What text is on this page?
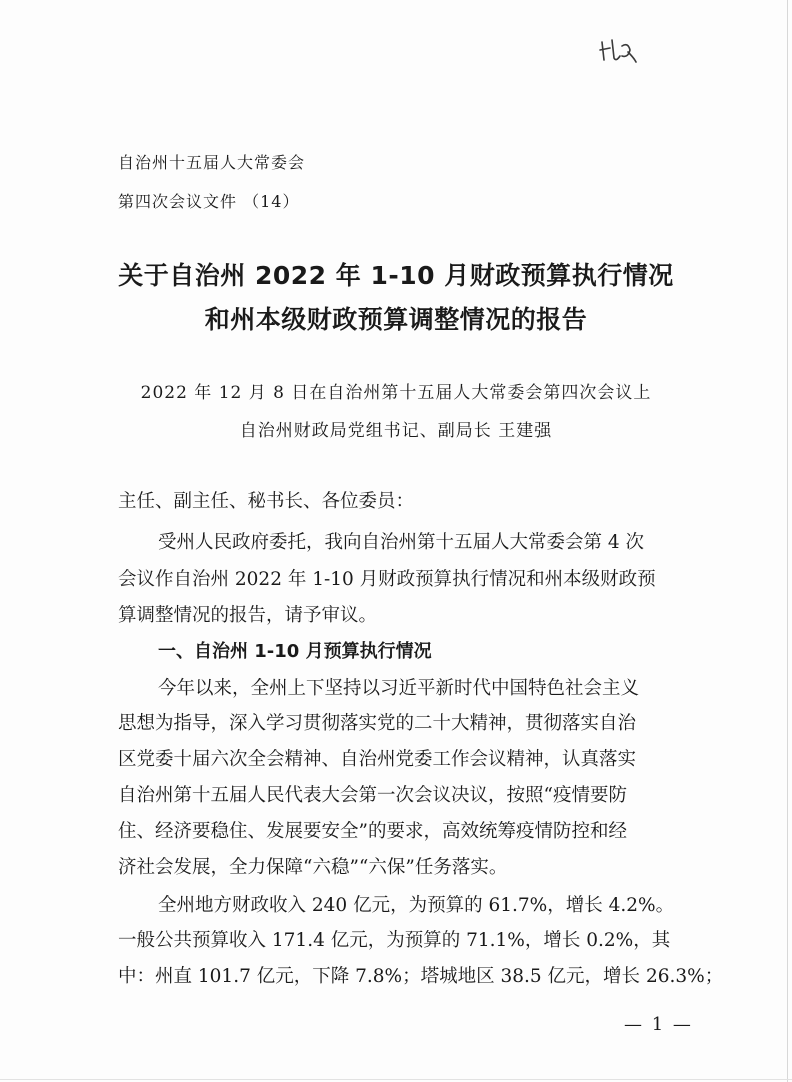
自治州十五届人大常委会
第四次会议文件 （14）
关于自治州 2022 年 1-10 月财政预算执行情况
和州本级财政预算调整情况的报告
2022 年 12 月 8 日在自治州第十五届人大常委会第四次会议上
自治州财政局党组书记、副局长 王建强
主任、副主任、秘书长、各位委员：
受州人民政府委托，我向自治州第十五届人大常委会第 4 次
会议作自治州 2022 年 1-10 月财政预算执行情况和州本级财政预
算调整情况的报告，请予审议。
一、自治州 1-10 月预算执行情况
今年以来，全州上下坚持以习近平新时代中国特色社会主义
思想为指导，深入学习贯彻落实党的二十大精神，贯彻落实自治
区党委十届六次全会精神、自治州党委工作会议精神，认真落实
自治州第十五届人民代表大会第一次会议决议，按照“疫情要防
住、经济要稳住、发展要安全”的要求，高效统筹疫情防控和经
济社会发展，全力保障“六稳”“六保”任务落实。
全州地方财政收入 240 亿元，为预算的 61.7%，增长 4.2%。
一般公共预算收入 171.4 亿元，为预算的 71.1%，增长 0.2%，其
中：州直 101.7 亿元，下降 7.8%；塔城地区 38.5 亿元，增长 26.3%；
— 1 —
